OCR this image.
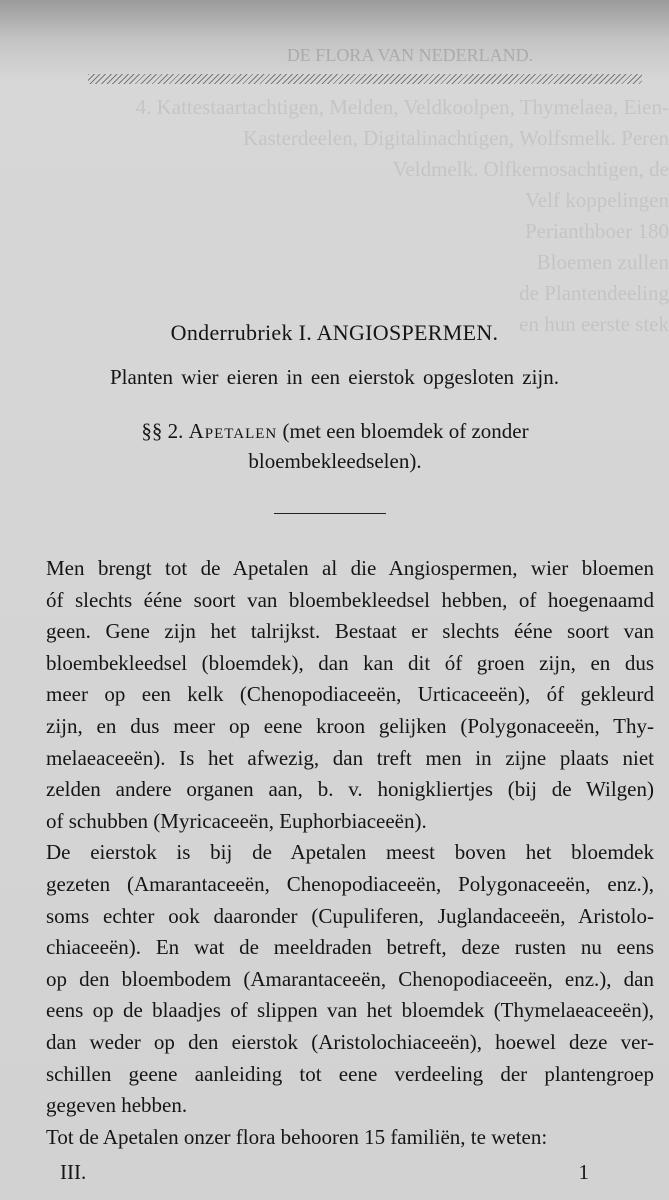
DE FLORA VAN NEDERLAND.
4. Kattestaartachtigen, Melden, Veldkoolpen, Thymelaea, Eien-
Kasterdeelen, Digitalinachtigen, Wolfsmelk. Peren
Veldmelk. Olfkernosachtigen, de
Velf koppelingen
Perianthboer 180
Bloemen zullen
de Plantendeeling
en hun eerste stek
Onderrubriek I. ANGIOSPERMEN.
Planten wier eieren in een eierstok opgesloten zijn.
§§ 2. Apetalen (met een bloemdek of zonder
bloembekleedselen).
Men brengt tot de Apetalen al die Angiospermen, wier bloemen
óf slechts ééne soort van bloembekleedsel hebben, of hoegenaamd
geen. Gene zijn het talrijkst. Bestaat er slechts ééne soort van
bloembekleedsel (bloemdek), dan kan dit óf groen zijn, en dus
meer op een kelk (Chenopodiaceeën, Urticaceeën), óf gekleurd
zijn, en dus meer op eene kroon gelijken (Polygonaceeën, Thy-
melaeaceeën). Is het afwezig, dan treft men in zijne plaats niet
zelden andere organen aan, b. v. honigkliertjes (bij de Wilgen)
of schubben (Myricaceeën, Euphorbiaceeën).
De eierstok is bij de Apetalen meest boven het bloemdek
gezeten (Amarantaceeën, Chenopodiaceeën, Polygonaceeën, enz.),
soms echter ook daaronder (Cupuliferen, Juglandaceeën, Aristolo-
chiaceeën). En wat de meeldraden betreft, deze rusten nu eens
op den bloembodem (Amarantaceeën, Chenopodiaceeën, enz.), dan
eens op de blaadjes of slippen van het bloemdek (Thymelaeaceeën),
dan weder op den eierstok (Aristolochiaceeën), hoewel deze ver-
schillen geene aanleiding tot eene verdeeling der plantengroep
gegeven hebben.
Tot de Apetalen onzer flora behooren 15 familiën, te weten:
III.	1
